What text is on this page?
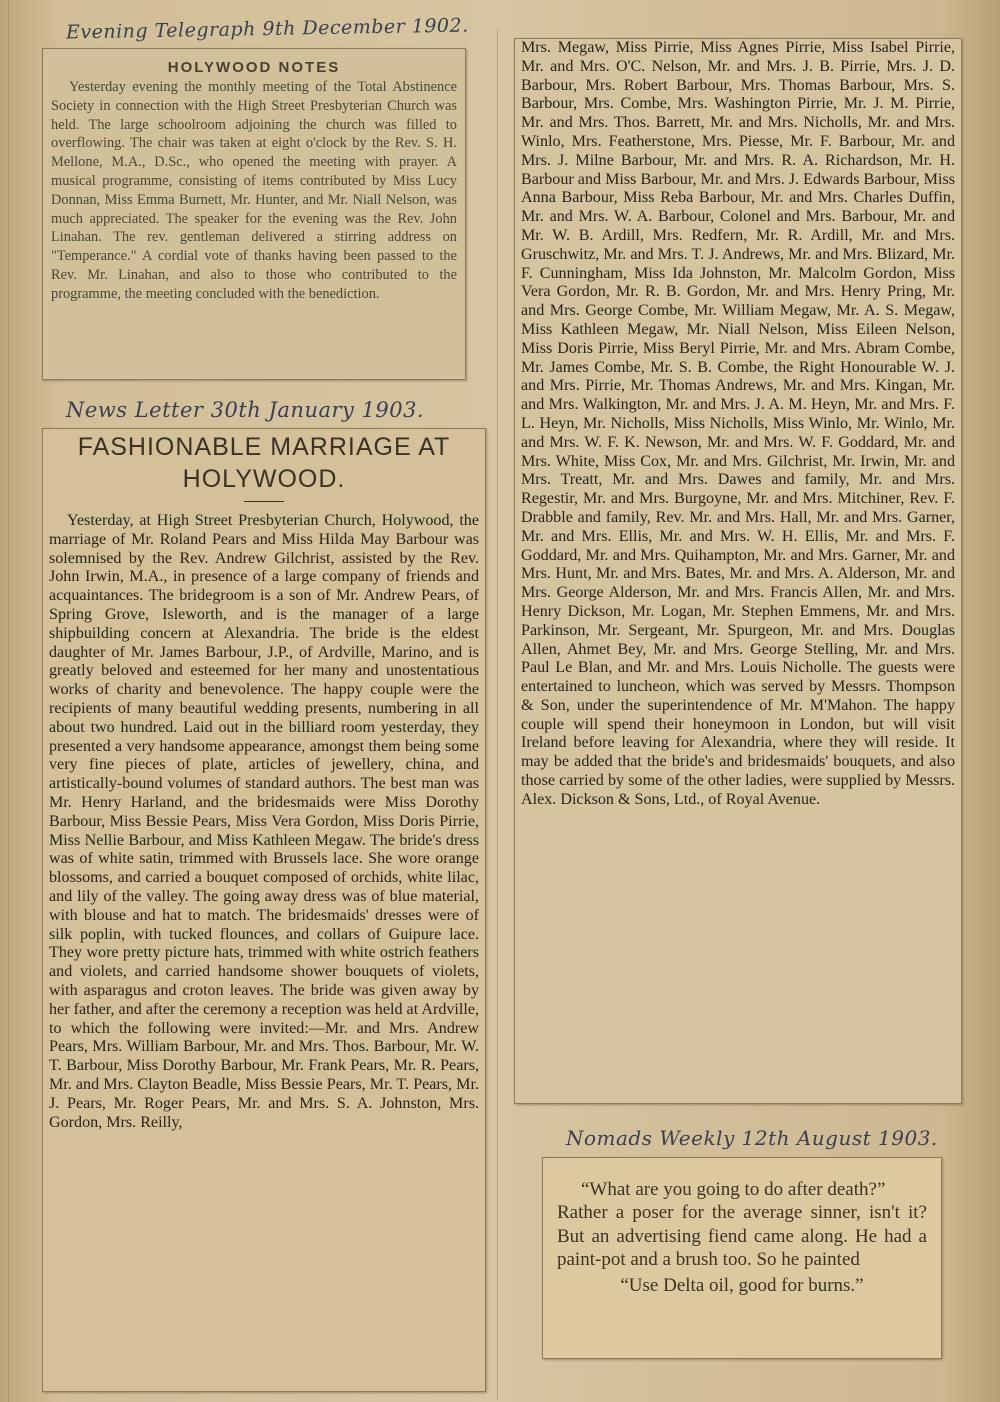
Evening Telegraph 9th December 1902.
HOLYWOOD NOTES

Yesterday evening the monthly meeting of the Total Abstinence Society in connection with the High Street Presbyterian Church was held. The large schoolroom adjoining the church was filled to overflowing. The chair was taken at eight o'clock by the Rev. S. H. Mellone, M.A., D.Sc., who opened the meeting with prayer. A musical programme, consisting of items contributed by Miss Lucy Donnan, Miss Emma Burnett, Mr. Hunter, and Mr. Niall Nelson, was much appreciated. The speaker for the evening was the Rev. John Linahan. The rev. gentleman delivered a stirring address on "Temperance." A cordial vote of thanks having been passed to the Rev. Mr. Linahan, and also to those who contributed to the programme, the meeting concluded with the benediction.

News Letter 30th January 1903.
FASHIONABLE MARRIAGE AT HOLYWOOD.

Yesterday, at High Street Presbyterian Church, Holywood, the marriage of Mr. Roland Pears and Miss Hilda May Barbour was solemnised by the Rev. Andrew Gilchrist, assisted by the Rev. John Irwin, M.A., in presence of a large company of friends and acquaintances. The bridegroom is a son of Mr. Andrew Pears, of Spring Grove, Isleworth, and is the manager of a large shipbuilding concern at Alexandria. The bride is the eldest daughter of Mr. James Barbour, J.P., of Ardville, Marino, and is greatly beloved and esteemed for her many and unostentatious works of charity and benevolence. The happy couple were the recipients of many beautiful wedding presents, numbering in all about two hundred. Laid out in the billiard room yesterday, they presented a very handsome appearance, amongst them being some very fine pieces of plate, articles of jewellery, china, and artistically-bound volumes of standard authors. The best man was Mr. Henry Harland, and the bridesmaids were Miss Dorothy Barbour, Miss Bessie Pears, Miss Vera Gordon, Miss Doris Pirrie, Miss Nellie Barbour, and Miss Kathleen Megaw. The bride's dress was of white satin, trimmed with Brussels lace. She wore orange blossoms, and carried a bouquet composed of orchids, white lilac, and lily of the valley. The going away dress was of blue material, with blouse and hat to match. The bridesmaids' dresses were of silk poplin, with tucked flounces, and collars of Guipure lace. They wore pretty picture hats, trimmed with white ostrich feathers and violets, and carried handsome shower bouquets of violets, with asparagus and croton leaves. The bride was given away by her father, and after the ceremony a reception was held at Ardville, to which the following were invited:—Mr. and Mrs. Andrew Pears, Mrs. William Barbour, Mr. and Mrs. Thos. Barbour, Mr. W. T. Barbour, Miss Dorothy Barbour, Mr. Frank Pears, Mr. R. Pears, Mr. and Mrs. Clayton Beadle, Miss Bessie Pears, Mr. T. Pears, Mr. J. Pears, Mr. Roger Pears, Mr. and Mrs. S. A. Johnston, Mrs. Gordon, Mrs. Reilly,

Mrs. Megaw, Miss Pirrie, Miss Agnes Pirrie, Miss Isabel Pirrie, Mr. and Mrs. O'C. Nelson, Mr. and Mrs. J. B. Pirrie, Mrs. J. D. Barbour, Mrs. Robert Barbour, Mrs. Thomas Barbour, Mrs. S. Barbour, Mrs. Combe, Mrs. Washington Pirrie, Mr. J. M. Pirrie, Mr. and Mrs. Thos. Barrett, Mr. and Mrs. Nicholls, Mr. and Mrs. Winlo, Mrs. Featherstone, Mrs. Piesse, Mr. F. Barbour, Mr. and Mrs. J. Milne Barbour, Mr. and Mrs. R. A. Richardson, Mr. H. Barbour and Miss Barbour, Mr. and Mrs. J. Edwards Barbour, Miss Anna Barbour, Miss Reba Barbour, Mr. and Mrs. Charles Duffin, Mr. and Mrs. W. A. Barbour, Colonel and Mrs. Barbour, Mr. and Mr. W. B. Ardill, Mrs. Redfern, Mr. R. Ardill, Mr. and Mrs. Gruschwitz, Mr. and Mrs. T. J. Andrews, Mr. and Mrs. Blizard, Mr. F. Cunningham, Miss Ida Johnston, Mr. Malcolm Gordon, Miss Vera Gordon, Mr. R. B. Gordon, Mr. and Mrs. Henry Pring, Mr. and Mrs. George Combe, Mr. William Megaw, Mr. A. S. Megaw, Miss Kathleen Megaw, Mr. Niall Nelson, Miss Eileen Nelson, Miss Doris Pirrie, Miss Beryl Pirrie, Mr. and Mrs. Abram Combe, Mr. James Combe, Mr. S. B. Combe, the Right Honourable W. J. and Mrs. Pirrie, Mr. Thomas Andrews, Mr. and Mrs. Kingan, Mr. and Mrs. Walkington, Mr. and Mrs. J. A. M. Heyn, Mr. and Mrs. F. L. Heyn, Mr. Nicholls, Miss Nicholls, Miss Winlo, Mr. Winlo, Mr. and Mrs. W. F. K. Newson, Mr. and Mrs. W. F. Goddard, Mr. and Mrs. White, Miss Cox, Mr. and Mrs. Gilchrist, Mr. Irwin, Mr. and Mrs. Treatt, Mr. and Mrs. Dawes and family, Mr. and Mrs. Regestir, Mr. and Mrs. Burgoyne, Mr. and Mrs. Mitchiner, Rev. F. Drabble and family, Rev. Mr. and Mrs. Hall, Mr. and Mrs. Garner, Mr. and Mrs. Ellis, Mr. and Mrs. W. H. Ellis, Mr. and Mrs. F. Goddard, Mr. and Mrs. Quihampton, Mr. and Mrs. Garner, Mr. and Mrs. Hunt, Mr. and Mrs. Bates, Mr. and Mrs. A. Alderson, Mr. and Mrs. George Alderson, Mr. and Mrs. Francis Allen, Mr. and Mrs. Henry Dickson, Mr. Logan, Mr. Stephen Emmens, Mr. and Mrs. Parkinson, Mr. Sergeant, Mr. Spurgeon, Mr. and Mrs. Douglas Allen, Ahmet Bey, Mr. and Mrs. George Stelling, Mr. and Mrs. Paul Le Blan, and Mr. and Mrs. Louis Nicholle. The guests were entertained to luncheon, which was served by Messrs. Thompson & Son, under the superintendence of Mr. M'Mahon. The happy couple will spend their honeymoon in London, but will visit Ireland before leaving for Alexandria, where they will reside. It may be added that the bride's and bridesmaids' bouquets, and also those carried by some of the other ladies, were supplied by Messrs. Alex. Dickson & Sons, Ltd., of Royal Avenue.

Nomads Weekly 12th August 1903.

“What are you going to do after death?”

Rather a poser for the average sinner, isn't it? But an advertising fiend came along. He had a paint-pot and a brush too. So he painted

“Use Delta oil, good for burns.”
